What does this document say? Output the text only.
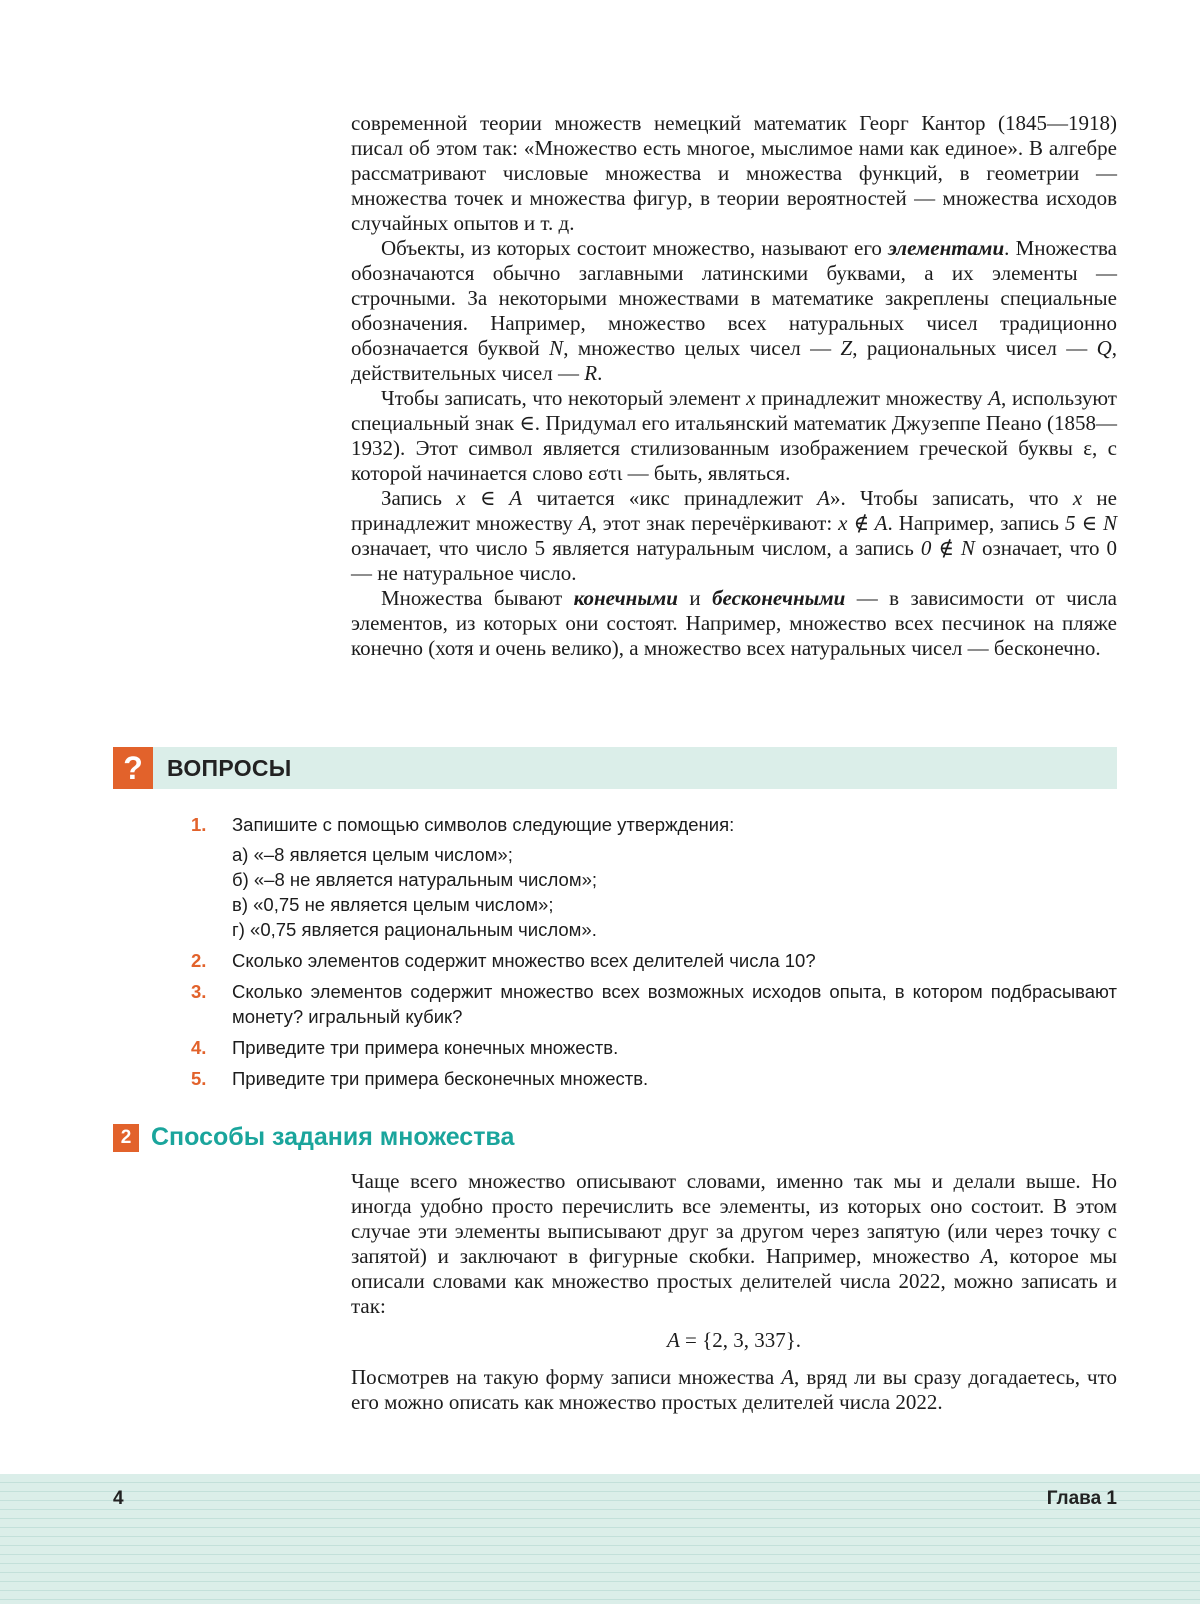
современной теории множеств немецкий математик Георг Кантор (1845—1918) писал об этом так: «Множество есть многое, мыслимое нами как единое». В алгебре рассматривают числовые множества и множества функций, в геометрии — множества точек и множества фигур, в теории вероятностей — множества исходов случайных опытов и т. д.

Объекты, из которых состоит множество, называют его элементами. Множества обозначаются обычно заглавными латинскими буквами, а их элементы — строчными. За некоторыми множествами в математике закреплены специальные обозначения. Например, множество всех натуральных чисел традиционно обозначается буквой N, множество целых чисел — Z, рациональных чисел — Q, действительных чисел — R.

Чтобы записать, что некоторый элемент x принадлежит множеству A, используют специальный знак ∈. Придумал его итальянский математик Джузеппе Пеано (1858—1932). Этот символ является стилизованным изображением греческой буквы ε, с которой начинается слово εστι — быть, являться.

Запись x ∈ A читается «икс принадлежит A». Чтобы записать, что x не принадлежит множеству A, этот знак перечёркивают: x ∉ A. Например, запись 5 ∈ N означает, что число 5 является натуральным числом, а запись 0 ∉ N означает, что 0 — не натуральное число.

Множества бывают конечными и бесконечными — в зависимости от числа элементов, из которых они состоят. Например, множество всех песчинок на пляже конечно (хотя и очень велико), а множество всех натуральных чисел — бесконечно.

?	ВОПРОСЫ
1.	Запишите с помощью символов следующие утверждения:

а) «–8 является целым числом»;

б) «–8 не является натуральным числом»;

в) «0,75 не является целым числом»;

г) «0,75 является рациональным числом».

2.	Сколько элементов содержит множество всех делителей числа 10?
3.	Сколько элементов содержит множество всех возможных исходов опыта, в котором подбрасывают монету? игральный кубик?
4.	Приведите три примера конечных множеств.
5.	Приведите три примера бесконечных множеств.
2 Способы задания множества

Чаще всего множество описывают словами, именно так мы и делали выше. Но иногда удобно просто перечислить все элементы, из которых оно состоит. В этом случае эти элементы выписывают друг за другом через запятую (или через точку с запятой) и заключают в фигурные скобки. Например, множество A, которое мы описали словами как множество простых делителей числа 2022, можно записать и так:

A = {2, 3, 337}.

Посмотрев на такую форму записи множества A, вряд ли вы сразу догадаетесь, что его можно описать как множество простых делителей числа 2022.

4	Глава 1
